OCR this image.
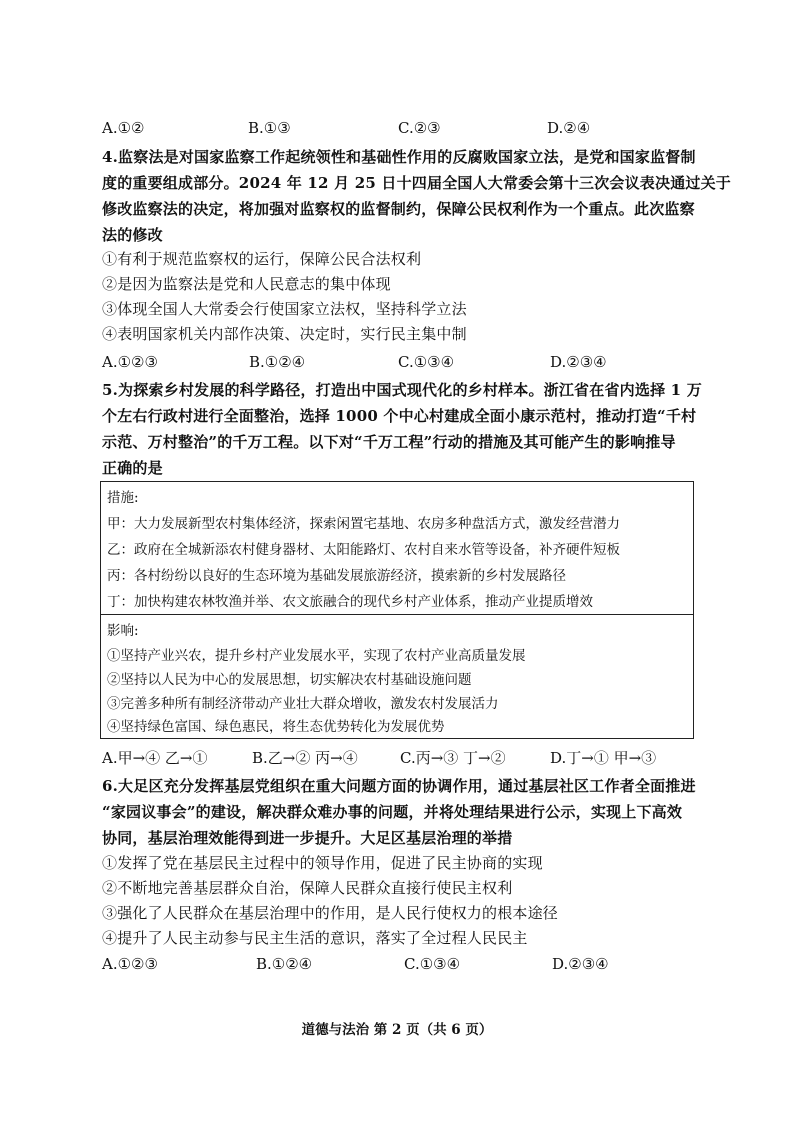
A.①②	B.①③	C.②③	D.②④
4.监察法是对国家监察工作起统领性和基础性作用的反腐败国家立法，是党和国家监督制
度的重要组成部分。2024 年 12 月 25 日十四届全国人大常委会第十三次会议表决通过关于
修改监察法的决定，将加强对监察权的监督制约，保障公民权利作为一个重点。此次监察
法的修改
①有利于规范监察权的运行，保障公民合法权利
②是因为监察法是党和人民意志的集中体现
③体现全国人大常委会行使国家立法权，坚持科学立法
④表明国家机关内部作决策、决定时，实行民主集中制
A.①②③	B.①②④	C.①③④	D.②③④
5.为探索乡村发展的科学路径，打造出中国式现代化的乡村样本。浙江省在省内选择 1 万
个左右行政村进行全面整治，选择 1000 个中心村建成全面小康示范村，推动打造“千村
示范、万村整治”的千万工程。以下对“千万工程”行动的措施及其可能产生的影响推导
正确的是
措施:
甲：大力发展新型农村集体经济，探索闲置宅基地、农房多种盘活方式，激发经营潜力
乙：政府在全城新添农村健身器材、太阳能路灯、农村自来水管等设备，补齐硬件短板
丙：各村纷纷以良好的生态环境为基础发展旅游经济，摸索新的乡村发展路径
丁：加快构建农林牧渔并举、农文旅融合的现代乡村产业体系，推动产业提质增效
影响:
①坚持产业兴农，提升乡村产业发展水平，实现了农村产业高质量发展
②坚持以人民为中心的发展思想，切实解决农村基础设施问题
③完善多种所有制经济带动产业壮大群众增收，激发农村发展活力
④坚持绿色富国、绿色惠民，将生态优势转化为发展优势
A.甲→④ 乙→①	B.乙→② 丙→④	C.丙→③ 丁→②	D.丁→① 甲→③
6.大足区充分发挥基层党组织在重大问题方面的协调作用，通过基层社区工作者全面推进
“家园议事会”的建设，解决群众难办事的问题，并将处理结果进行公示，实现上下高效
协同，基层治理效能得到进一步提升。大足区基层治理的举措
①发挥了党在基层民主过程中的领导作用，促进了民主协商的实现
②不断地完善基层群众自治，保障人民群众直接行使民主权利
③强化了人民群众在基层治理中的作用，是人民行使权力的根本途径
④提升了人民主动参与民主生活的意识，落实了全过程人民民主
A.①②③	B.①②④	C.①③④	D.②③④
道德与法治 第 2 页（共 6 页）
